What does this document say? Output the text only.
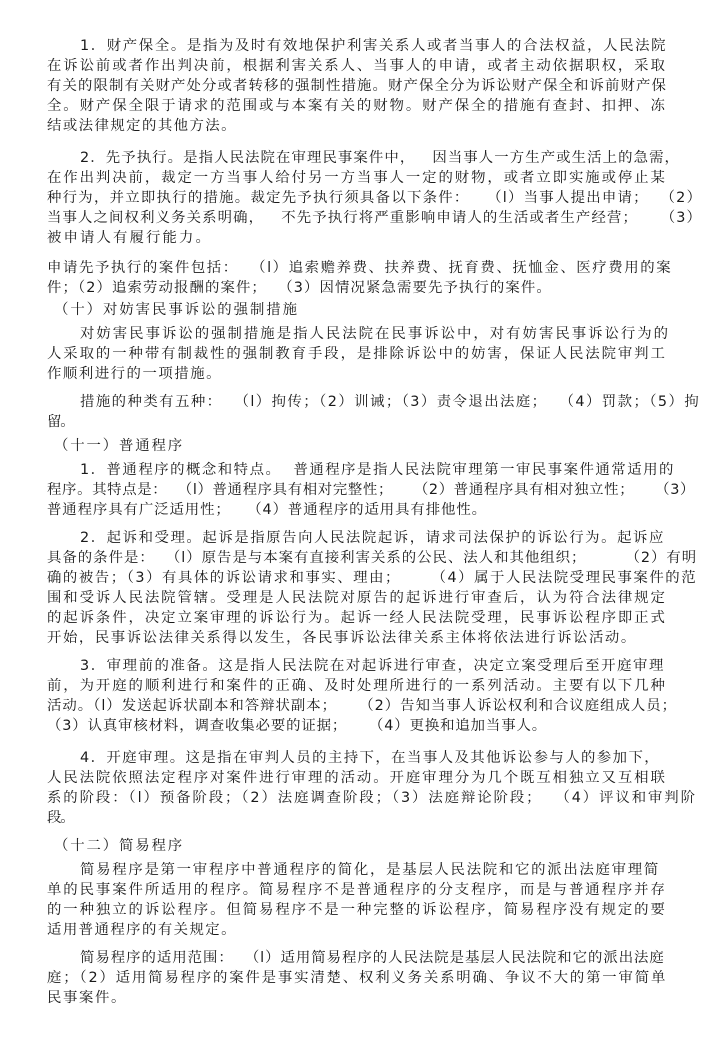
1．财产保全。是指为及时有效地保护利害关系人或者当事人的合法权益，人民法院
在诉讼前或者作出判决前，根据利害关系人、当事人的申请，或者主动依据职权，采取
有关的限制有关财产处分或者转移的强制性措施。财产保全分为诉讼财产保全和诉前财产保
全。财产保全限于请求的范围或与本案有关的财物。财产保全的措施有查封、扣押、冻
结或法律规定的其他方法。
2．先予执行。是指人民法院在审理民事案件中，   因当事人一方生产或生活上的急需，
在作出判决前，裁定一方当事人给付另一方当事人一定的财物，或者立即实施或停止某
种行为，并立即执行的措施。裁定先予执行须具备以下条件：   （l）当事人提出申请；  （2）
当事人之间权利义务关系明确，   不先予执行将严重影响申请人的生活或者生产经营；    （3）
被申请人有履行能力。
申请先予执行的案件包括：  （l）追索赡养费、扶养费、抚育费、抚恤金、医疗费用的案
件；（2）追索劳动报酬的案件；  （3）因情况紧急需要先予执行的案件。
（十）对妨害民事诉讼的强制措施
对妨害民事诉讼的强制措施是指人民法院在民事诉讼中，对有妨害民事诉讼行为的
人采取的一种带有制裁性的强制教育手段，是排除诉讼中的妨害，保证人民法院审判工
作顺利进行的一项措施。
措施的种类有五种：  （l）拘传；（2）训诫；（3）责令退出法庭；  （4）罚款；（5）拘
留。
（十一）普通程序
1．普通程序的概念和特点。  普通程序是指人民法院审理第一审民事案件通常适用的
程序。其特点是：  （l）普通程序具有相对完整性；    （2）普通程序具有相对独立性；    （3）
普通程序具有广泛适用性；   （4）普通程序的适用具有排他性。
2．起诉和受理。起诉是指原告向人民法院起诉，请求司法保护的诉讼行为。起诉应
具备的条件是：  （l）原告是与本案有直接利害关系的公民、法人和其他组织；       （2）有明
确的被告；（3）有具体的诉讼请求和事实、理由；     （4）属于人民法院受理民事案件的范
围和受诉人民法院管辖。受理是人民法院对原告的起诉进行审查后，认为符合法律规定
的起诉条件，决定立案审理的诉讼行为。起诉一经人民法院受理，民事诉讼程序即正式
开始，民事诉讼法律关系得以发生，各民事诉讼法律关系主体将依法进行诉讼活动。
3．审理前的准备。这是指人民法院在对起诉进行审查，决定立案受理后至开庭审理
前，为开庭的顺利进行和案件的正确、及时处理所进行的一系列活动。主要有以下几种
活动。（l）发送起诉状副本和答辩状副本；    （2）告知当事人诉讼权利和合议庭组成人员；
（3）认真审核材料，调查收集必要的证据；    （4）更换和追加当事人。
4．开庭审理。这是指在审判人员的主持下，在当事人及其他诉讼参与人的参加下，
人民法院依照法定程序对案件进行审理的活动。开庭审理分为几个既互相独立又互相联
系的阶段：（l）预备阶段；（2）法庭调查阶段；（3）法庭辩论阶段；  （4）评议和审判阶
段。
（十二）简易程序
简易程序是第一审程序中普通程序的简化，是基层人民法院和它的派出法庭审理简
单的民事案件所适用的程序。简易程序不是普通程序的分支程序，而是与普通程序并存
的一种独立的诉讼程序。但简易程序不是一种完整的诉讼程序，简易程序没有规定的要
适用普通程序的有关规定。
简易程序的适用范围：  （l）适用简易程序的人民法院是基层人民法院和它的派出法庭
庭；（2）适用简易程序的案件是事实清楚、权利义务关系明确、争议不大的第一审简单
民事案件。
